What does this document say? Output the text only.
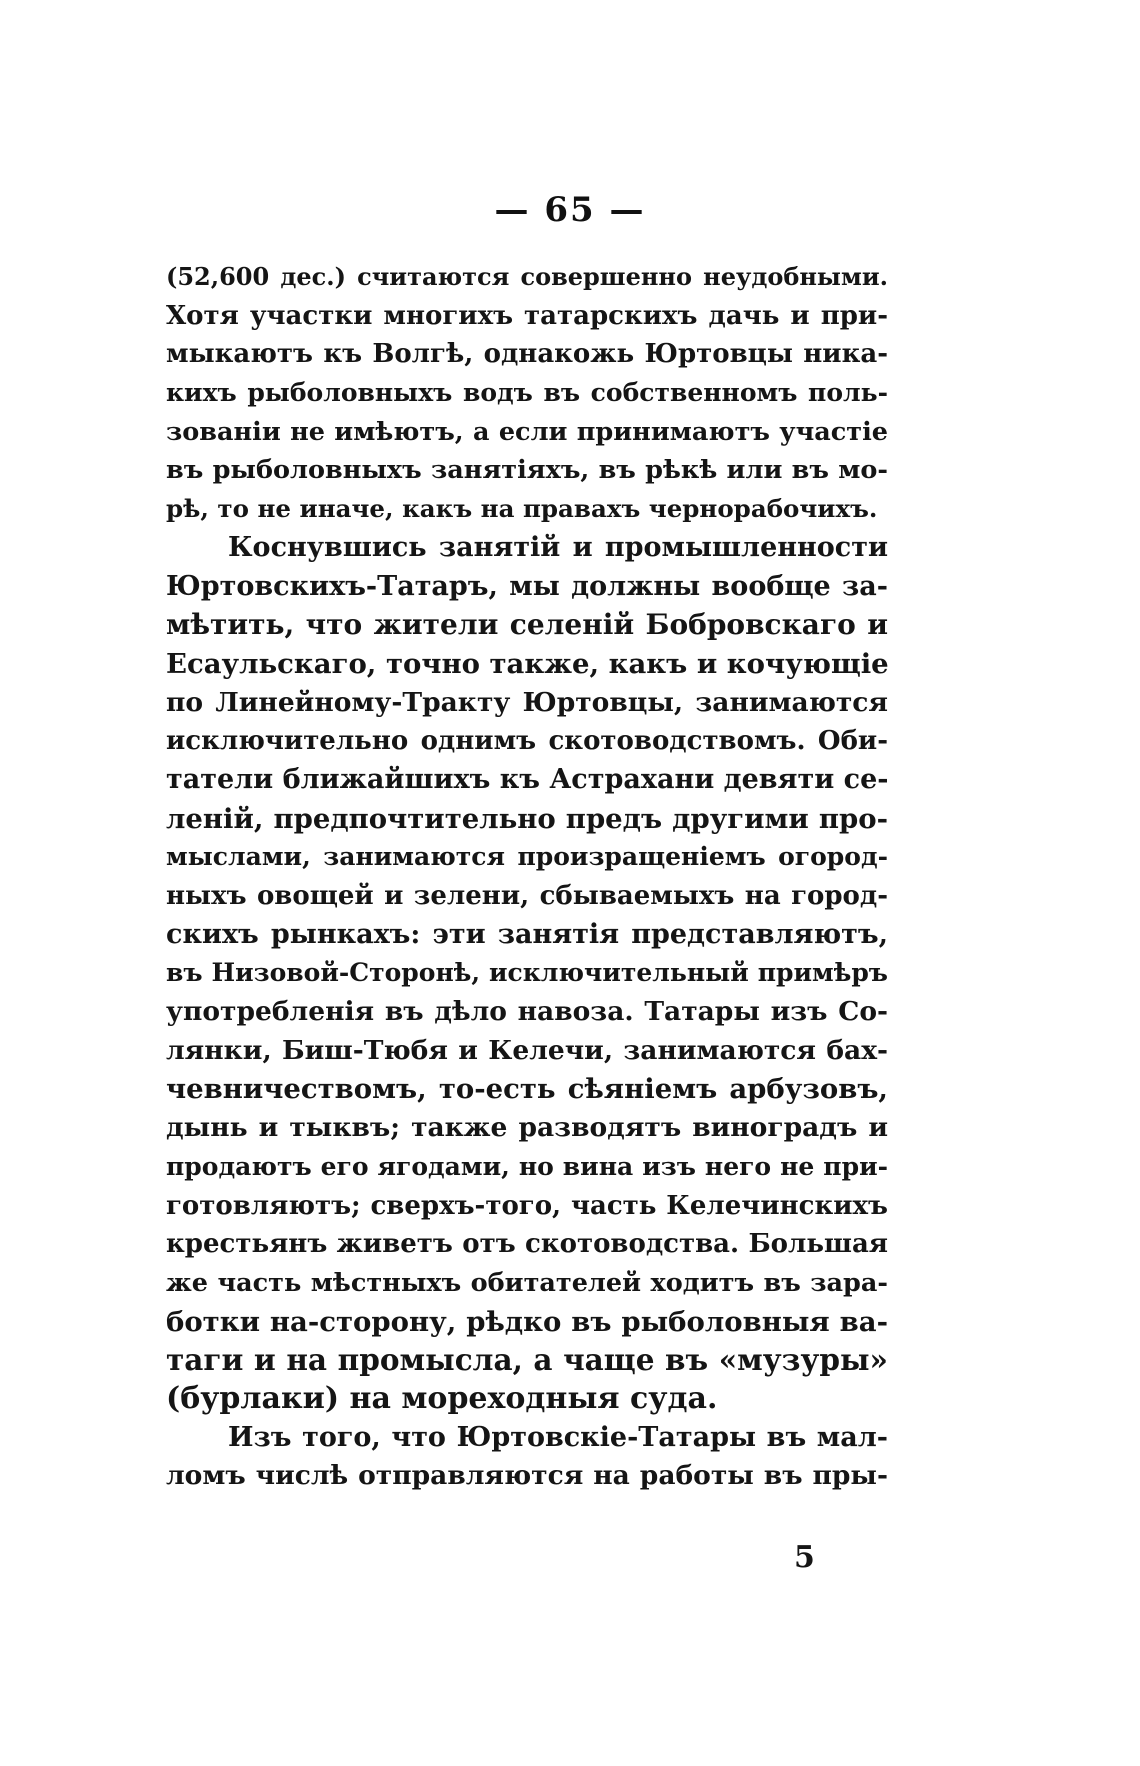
— 65 —
(52,600 дес.) считаются совершенно неудобными.
Хотя участки многихъ татарскихъ дачь и при-
мыкаютъ къ Волгѣ, однакожь Юртовцы ника-
кихъ рыболовныхъ водъ въ собственномъ поль-
зованіи не имѣютъ, а если принимаютъ участіе
въ рыболовныхъ занятіяхъ, въ рѣкѣ или въ мо-
рѣ, то не иначе, какъ на правахъ чернорабочихъ.
Коснувшись занятій и промышленности
Юртовскихъ-Татаръ, мы должны вообще за-
мѣтить, что жители селеній Бобровскаго и
Есаульскаго, точно также, какъ и кочующіе
по Линейному-Тракту Юртовцы, занимаются
исключительно однимъ скотоводствомъ. Оби-
татели ближайшихъ къ Астрахани девяти се-
леній, предпочтительно предъ другими про-
мыслами, занимаются произращеніемъ огород-
ныхъ овощей и зелени, сбываемыхъ на город-
скихъ рынкахъ: эти занятія представляютъ,
въ Низовой-Сторонѣ, исключительный примѣръ
употребленія въ дѣло навоза. Татары изъ Со-
лянки, Биш-Тюбя и Келечи, занимаются бах-
чевничествомъ, то-есть сѣяніемъ арбузовъ,
дынь и тыквъ; также разводятъ виноградъ и
продаютъ его ягодами, но вина изъ него не при-
готовляютъ; сверхъ-того, часть Келечинскихъ
крестьянъ живетъ отъ скотоводства. Большая
же часть мѣстныхъ обитателей ходитъ въ зара-
ботки на-сторону, рѣдко въ рыболовныя ва-
таги и на промысла, а чаще въ «музуры»
(бурлаки) на мореходныя суда.
Изъ того, что Юртовскіе-Татары въ мал-
ломъ числѣ отправляются на работы въ пры-
5
